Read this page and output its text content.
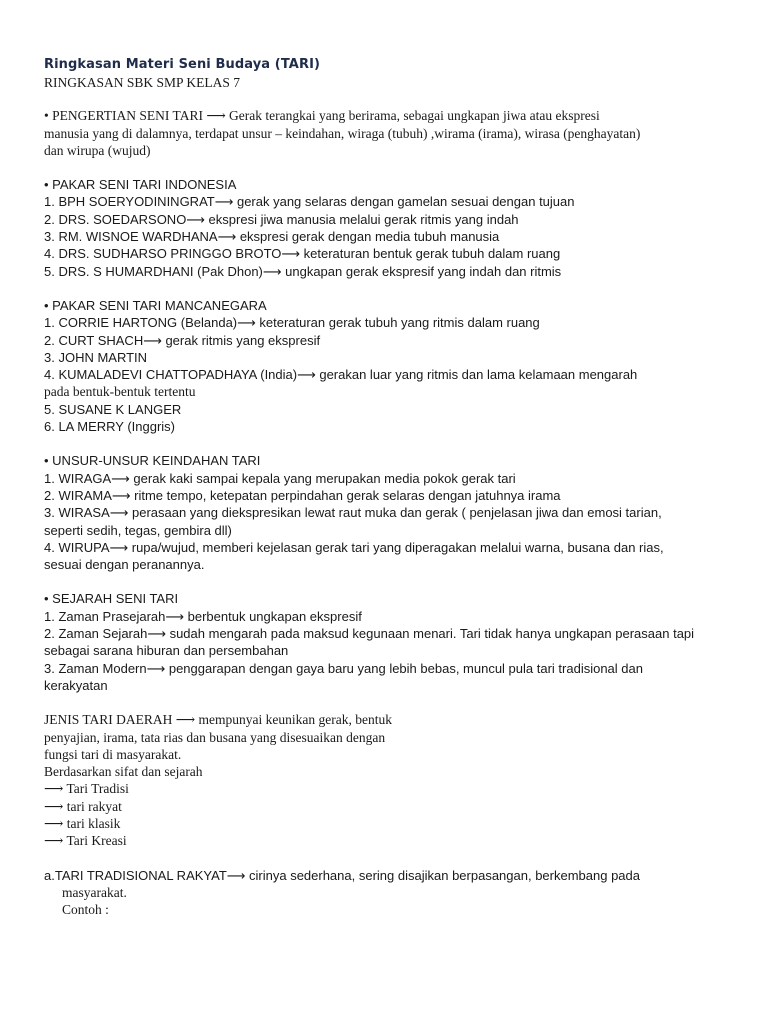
Ringkasan Materi Seni Budaya (TARI)
RINGKASAN SBK SMP KELAS 7
• PENGERTIAN SENI TARI ⟶ Gerak terangkai yang berirama, sebagai ungkapan jiwa atau ekspresi
manusia yang di dalamnya, terdapat unsur – keindahan, wiraga (tubuh) ,wirama (irama), wirasa (penghayatan)
dan wirupa (wujud)
• PAKAR SENI TARI INDONESIA
1. BPH SOERYODININGRAT⟶ gerak yang selaras dengan gamelan sesuai dengan tujuan
2. DRS. SOEDARSONO⟶ ekspresi jiwa manusia melalui gerak ritmis yang indah
3. RM. WISNOE WARDHANA⟶ ekspresi gerak dengan media tubuh manusia
4. DRS. SUDHARSO PRINGGO BROTO⟶ keteraturan bentuk gerak tubuh dalam ruang
5. DRS. S HUMARDHANI (Pak Dhon)⟶ ungkapan gerak ekspresif yang indah dan ritmis
• PAKAR SENI TARI MANCANEGARA
1. CORRIE HARTONG (Belanda)⟶ keteraturan gerak tubuh yang ritmis dalam ruang
2. CURT SHACH⟶ gerak ritmis yang ekspresif
3. JOHN MARTIN
4. KUMALADEVI CHATTOPADHAYA (India)⟶ gerakan luar yang ritmis dan lama kelamaan mengarah
pada bentuk-bentuk tertentu
5. SUSANE K LANGER
6. LA MERRY (Inggris)
• UNSUR-UNSUR KEINDAHAN TARI
1. WIRAGA⟶ gerak kaki sampai kepala yang merupakan media pokok gerak tari
2. WIRAMA⟶ ritme tempo, ketepatan perpindahan gerak selaras dengan jatuhnya irama
3. WIRASA⟶ perasaan yang diekspresikan lewat raut muka dan gerak ( penjelasan jiwa dan emosi tarian,
seperti sedih, tegas, gembira dll)
4. WIRUPA⟶ rupa/wujud, memberi kejelasan gerak tari yang diperagakan melalui warna, busana dan rias,
sesuai dengan peranannya.
• SEJARAH SENI TARI
1. Zaman Prasejarah⟶ berbentuk ungkapan ekspresif
2. Zaman Sejarah⟶ sudah mengarah pada maksud kegunaan menari. Tari tidak hanya ungkapan perasaan tapi
sebagai sarana hiburan dan persembahan
3. Zaman Modern⟶ penggarapan dengan gaya baru yang lebih bebas, muncul pula tari tradisional dan
kerakyatan
JENIS TARI DAERAH ⟶ mempunyai keunikan gerak, bentuk
penyajian, irama, tata rias dan busana yang disesuaikan dengan
fungsi tari di masyarakat.
Berdasarkan sifat dan sejarah
⟶ Tari Tradisi
⟶ tari rakyat
⟶ tari klasik
⟶ Tari Kreasi
a.TARI TRADISIONAL RAKYAT⟶ cirinya sederhana, sering disajikan berpasangan, berkembang pada
masyarakat.
Contoh :
